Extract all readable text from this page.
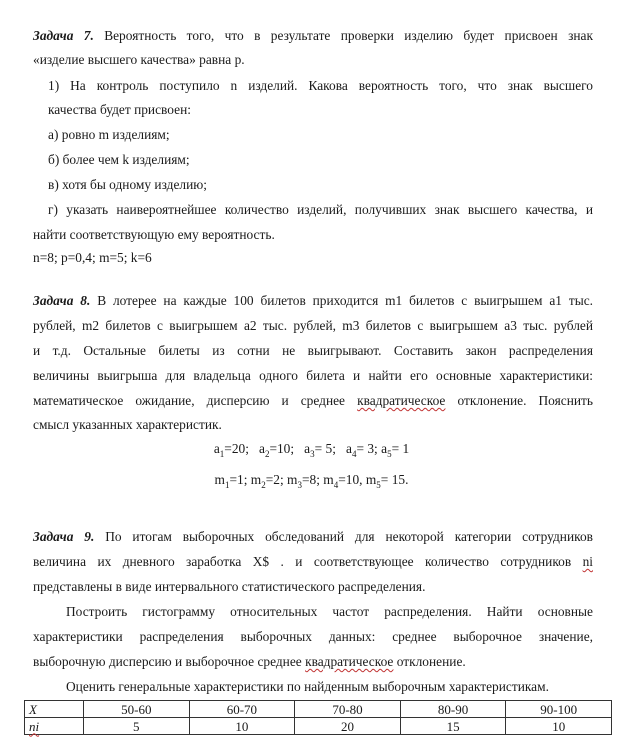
Задача 7. Вероятность того, что в результате проверки изделию будет присвоен знак
«изделие высшего качества» равна p.
1) На контроль поступило n изделий. Какова вероятность того, что знак высшего
качества будет присвоен:
а) ровно m изделиям;
б) более чем k изделиям;
в) хотя бы одному изделию;
г) указать наивероятнейшее количество изделий, получивших знак высшего качества, и
найти соответствующую ему вероятность.
n=8; p=0,4; m=5; k=6
Задача 8. В лотерее на каждые 100 билетов приходится m1 билетов с выигрышем a1 тыс.
рублей, m2 билетов с выигрышем a2 тыс. рублей, m3 билетов с выигрышем a3 тыс. рублей
и т.д. Остальные билеты из сотни не выигрывают. Составить закон распределения
величины выигрыша для владельца одного билета и найти его основные характеристики:
математическое ожидание, дисперсию и среднее квадратическое отклонение. Пояснить
смысл указанных характеристик.
$a_1=20$; $a_2=10$; $a_3= 5$; $a_4= 3$; $a_5= 1$
$m_1=1$; $m_2=2$; $m_3=8$; $m_4=10$, $m_5= 15$.
Задача 9. По итогам выборочных обследований для некоторой категории сотрудников
величина их дневного заработка Х$ . и соответствующее количество сотрудников ni
представлены в виде интервального статистического распределения.
Построить гистограмму относительных частот распределения. Найти основные
характеристики распределения выборочных данных: среднее выборочное значение,
выборочную дисперсию и выборочное среднее квадратическое отклонение.
Оценить генеральные характеристики по найденным выборочным характеристикам.
X	50-60	60-70	70-80	80-90	90-100
ni	5	10	20	15	10
